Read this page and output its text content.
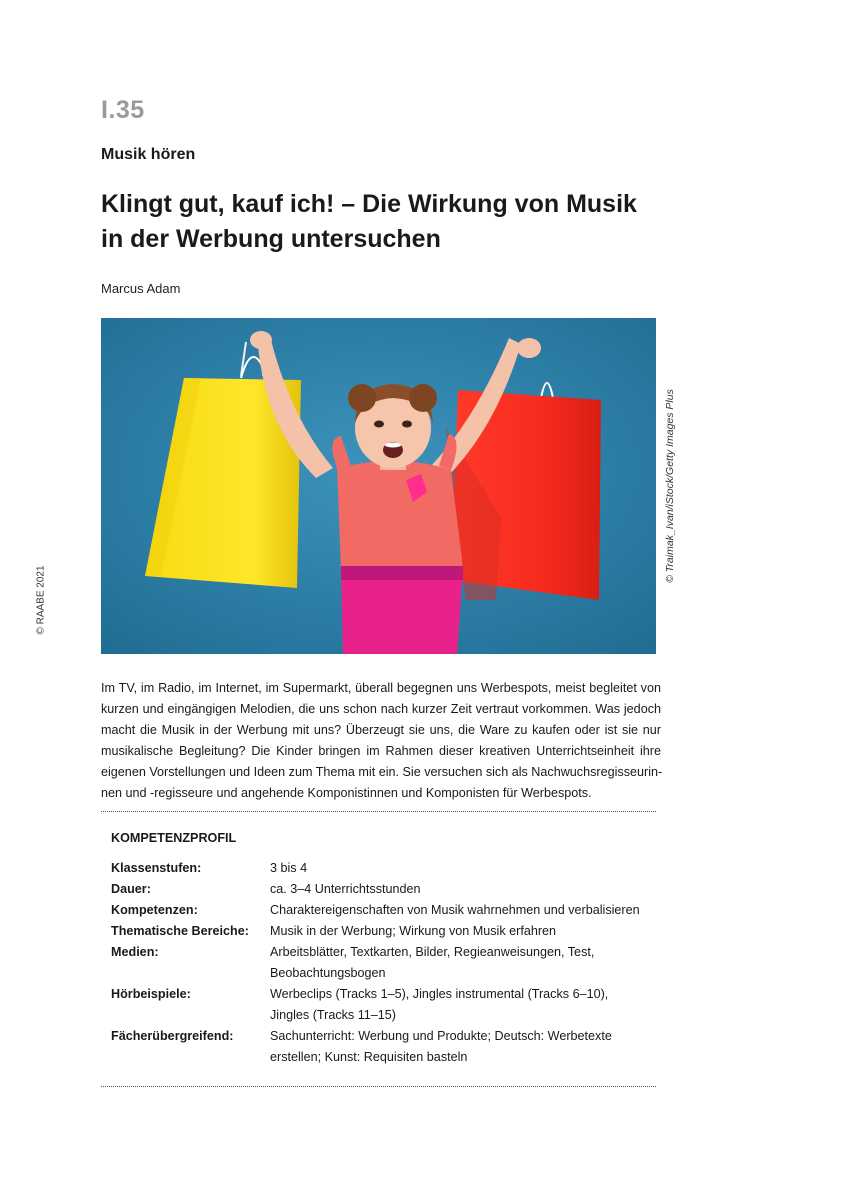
I.35
Musik hören
Klingt gut, kauf ich! – Die Wirkung von Musik
in der Werbung untersuchen
Marcus Adam
© Traimak_Ivan/iStock/Getty Images Plus
© RAABE 2021
Im TV, im Radio, im Internet, im Supermarkt, überall begegnen uns Werbespots, meist begleitet von
kurzen und eingängigen Melodien, die uns schon nach kurzer Zeit vertraut vorkommen. Was jedoch
macht die Musik in der Werbung mit uns? Überzeugt sie uns, die Ware zu kaufen oder ist sie nur
musikalische Begleitung? Die Kinder bringen im Rahmen dieser kreativen Unterrichtseinheit ihre
eigenen Vorstellungen und Ideen zum Thema mit ein. Sie versuchen sich als Nachwuchsregisseurin-
nen und -regisseure und angehende Komponistinnen und Komponisten für Werbespots.
KOMPETENZPROFIL
Klassenstufen:	3 bis 4
Dauer:	ca. 3–4 Unterrichtsstunden
Kompetenzen:	Charaktereigenschaften von Musik wahrnehmen und verbalisieren
Thematische Bereiche: Musik in der Werbung; Wirkung von Musik erfahren
Medien:	Arbeitsblätter, Textkarten, Bilder, Regieanweisungen, Test,
Beobachtungsbogen
Hörbeispiele:	Werbeclips (Tracks 1–5), Jingles instrumental (Tracks 6–10),
Jingles (Tracks 11–15)
Fächerübergreifend:	Sachunterricht: Werbung und Produkte; Deutsch: Werbetexte
erstellen; Kunst: Requisiten basteln
